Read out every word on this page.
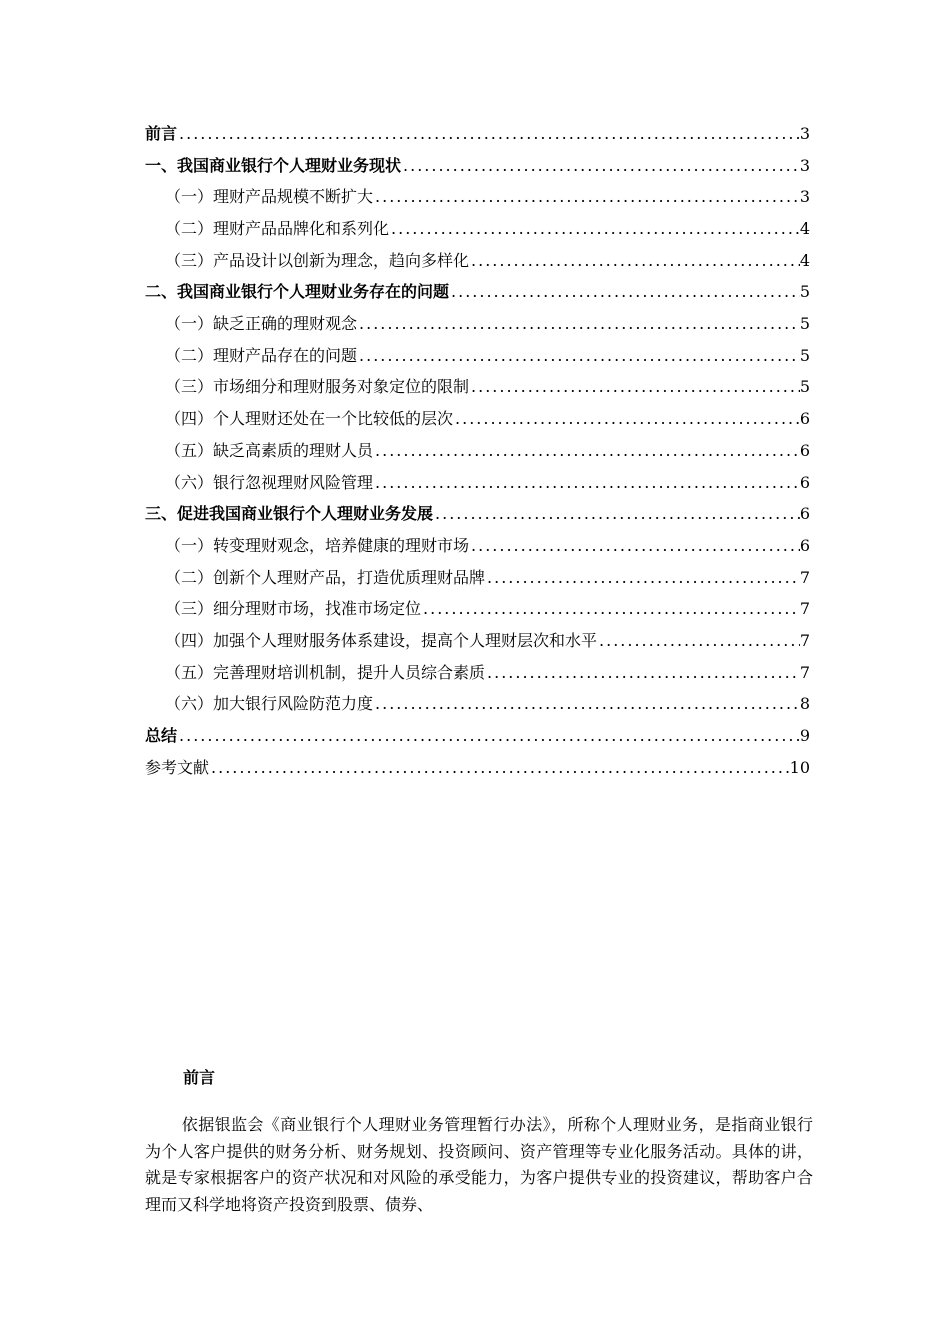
前言 .....	3
一、我国商业银行个人理财业务现状 .....	3
（一）理财产品规模不断扩大 .....	3
（二）理财产品品牌化和系列化 .....	4
（三）产品设计以创新为理念，趋向多样化 .....	4
二、我国商业银行个人理财业务存在的问题 .....	5
（一）缺乏正确的理财观念 .....	5
（二）理财产品存在的问题 .....	5
（三）市场细分和理财服务对象定位的限制 .....	5
（四）个人理财还处在一个比较低的层次 .....	6
（五）缺乏高素质的理财人员 .....	6
（六）银行忽视理财风险管理 .....	6
三、促进我国商业银行个人理财业务发展 .....	6
（一）转变理财观念，培养健康的理财市场 .....	6
（二）创新个人理财产品，打造优质理财品牌 .....	7
（三）细分理财市场，找准市场定位 .....	7
（四）加强个人理财服务体系建设，提高个人理财层次和水平 .....	7
（五）完善理财培训机制，提升人员综合素质 .....	7
（六）加大银行风险防范力度 .....	8
总结 .....	9
参考文献 .....	10
前言

依据银监会《商业银行个人理财业务管理暂行办法》，所称个人理财业务，是指商业银行为个人客户提供的财务分析、财务规划、投资顾问、资产管理等专业化服务活动。具体的讲，就是专家根据客户的资产状况和对风险的承受能力，为客户提供专业的投资建议，帮助客户合理而又科学地将资产投资到股票、债券、
